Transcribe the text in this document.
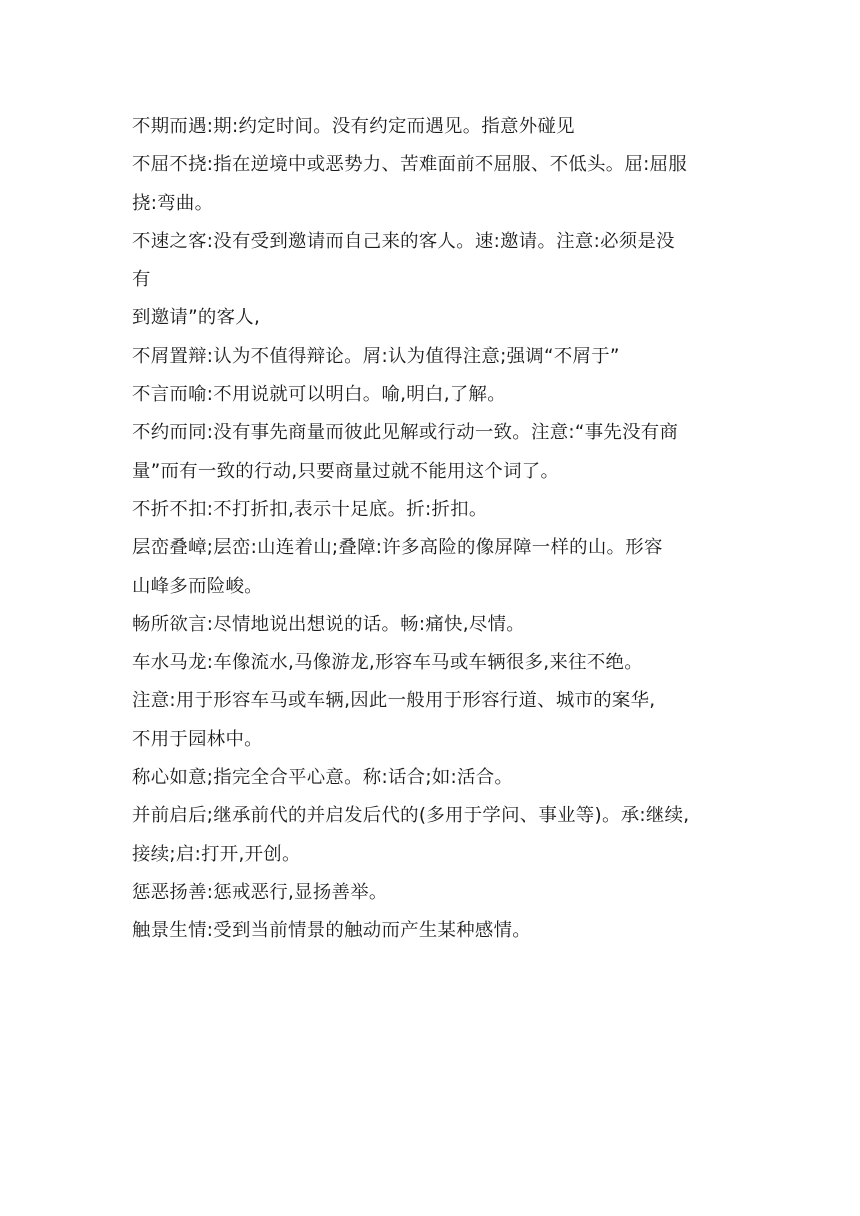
不期而遇:期:约定时间。没有约定而遇见。指意外碰见
不屈不挠:指在逆境中或恶势力、苦难面前不屈服、不低头。屈:屈服
挠:弯曲。
不速之客:没有受到邀请而自己来的客人。速:邀请。注意:必须是没
有
到邀请”的客人,
不屑置辩:认为不值得辩论。屑:认为值得注意;强调“不屑于”
不言而喻:不用说就可以明白。喻,明白,了解。
不约而同:没有事先商量而彼此见解或行动一致。注意:“事先没有商
量”而有一致的行动,只要商量过就不能用这个词了。
不折不扣:不打折扣,表示十足底。折:折扣。
层峦叠嶂;层峦:山连着山;叠障:许多高险的像屏障一样的山。形容
山峰多而险峻。
畅所欲言:尽情地说出想说的话。畅:痛快,尽情。
车水马龙:车像流水,马像游龙,形容车马或车辆很多,来往不绝。
注意:用于形容车马或车辆,因此一般用于形容行道、城市的案华,
不用于园林中。
称心如意;指完全合平心意。称:话合;如:活合。
并前启后;继承前代的并启发后代的(多用于学问、事业等)。承:继续,
接续;启:打开,开创。
惩恶扬善:惩戒恶行,显扬善举。
触景生情:受到当前情景的触动而产生某种感情。
